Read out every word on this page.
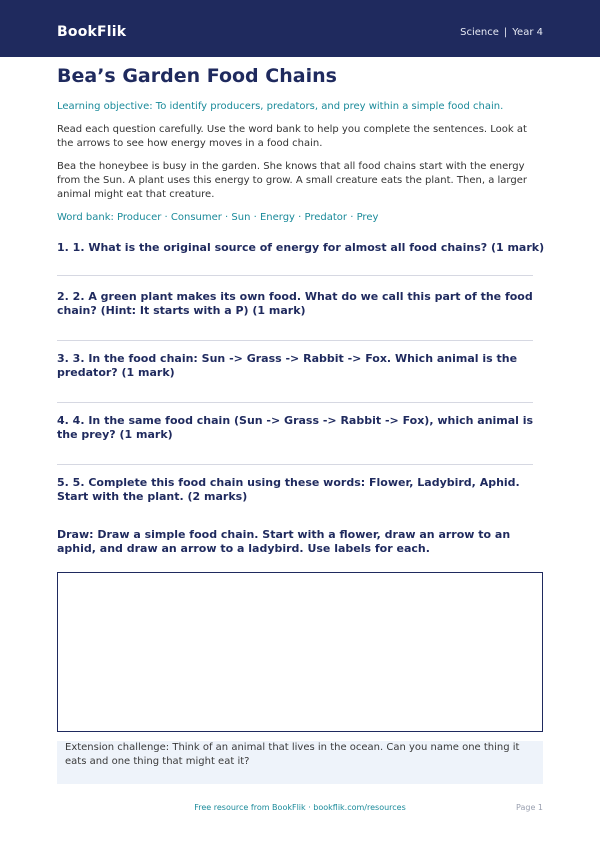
BookFlik	Science | Year 4
Bea’s Garden Food Chains

Learning objective: To identify producers, predators, and prey within a simple food chain.

Read each question carefully. Use the word bank to help you complete the sentences. Look at the arrows to see how energy moves in a food chain.

Bea the honeybee is busy in the garden. She knows that all food chains start with the energy from the Sun. A plant uses this energy to grow. A small creature eats the plant. Then, a larger animal might eat that creature.

Word bank: Producer · Consumer · Sun · Energy · Predator · Prey

1. 1. What is the original source of energy for almost all food chains? (1 mark)

2. 2. A green plant makes its own food. What do we call this part of the food chain? (Hint: It starts with a P) (1 mark)

3. 3. In the food chain: Sun -> Grass -> Rabbit -> Fox. Which animal is the predator? (1 mark)

4. 4. In the same food chain (Sun -> Grass -> Rabbit -> Fox), which animal is the prey? (1 mark)

5. 5. Complete this food chain using these words: Flower, Ladybird, Aphid. Start with the plant. (2 marks)

Draw: Draw a simple food chain. Start with a flower, draw an arrow to an aphid, and draw an arrow to a ladybird. Use labels for each.

Extension challenge: Think of an animal that lives in the ocean. Can you name one thing it eats and one thing that might eat it?
Free resource from BookFlik · bookflik.com/resources	Page 1
